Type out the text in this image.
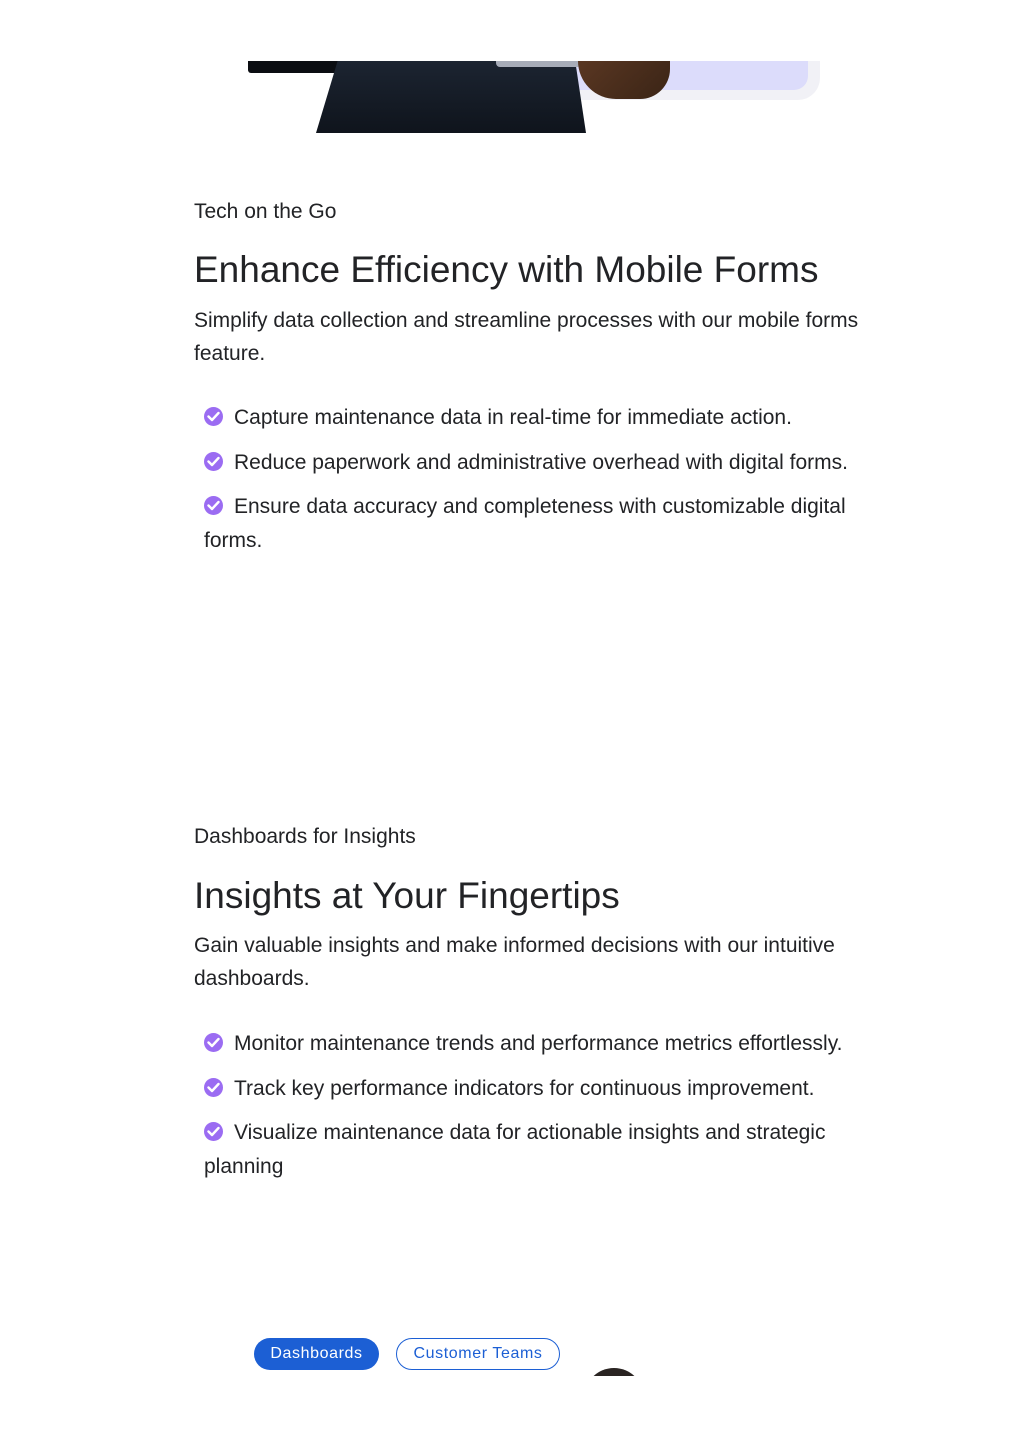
Tech on the Go

Enhance Efficiency with Mobile Forms

Simplify data collection and streamline processes with our mobile forms feature.

Capture maintenance data in real-time for immediate action.
Reduce paperwork and administrative overhead with digital forms.
Ensure data accuracy and completeness with customizable digital forms.

Dashboards for Insights

Insights at Your Fingertips

Gain valuable insights and make informed decisions with our intuitive dashboards.

Monitor maintenance trends and performance metrics effortlessly.
Track key performance indicators for continuous improvement.
Visualize maintenance data for actionable insights and strategic planning
Dashboards	Customer Teams
